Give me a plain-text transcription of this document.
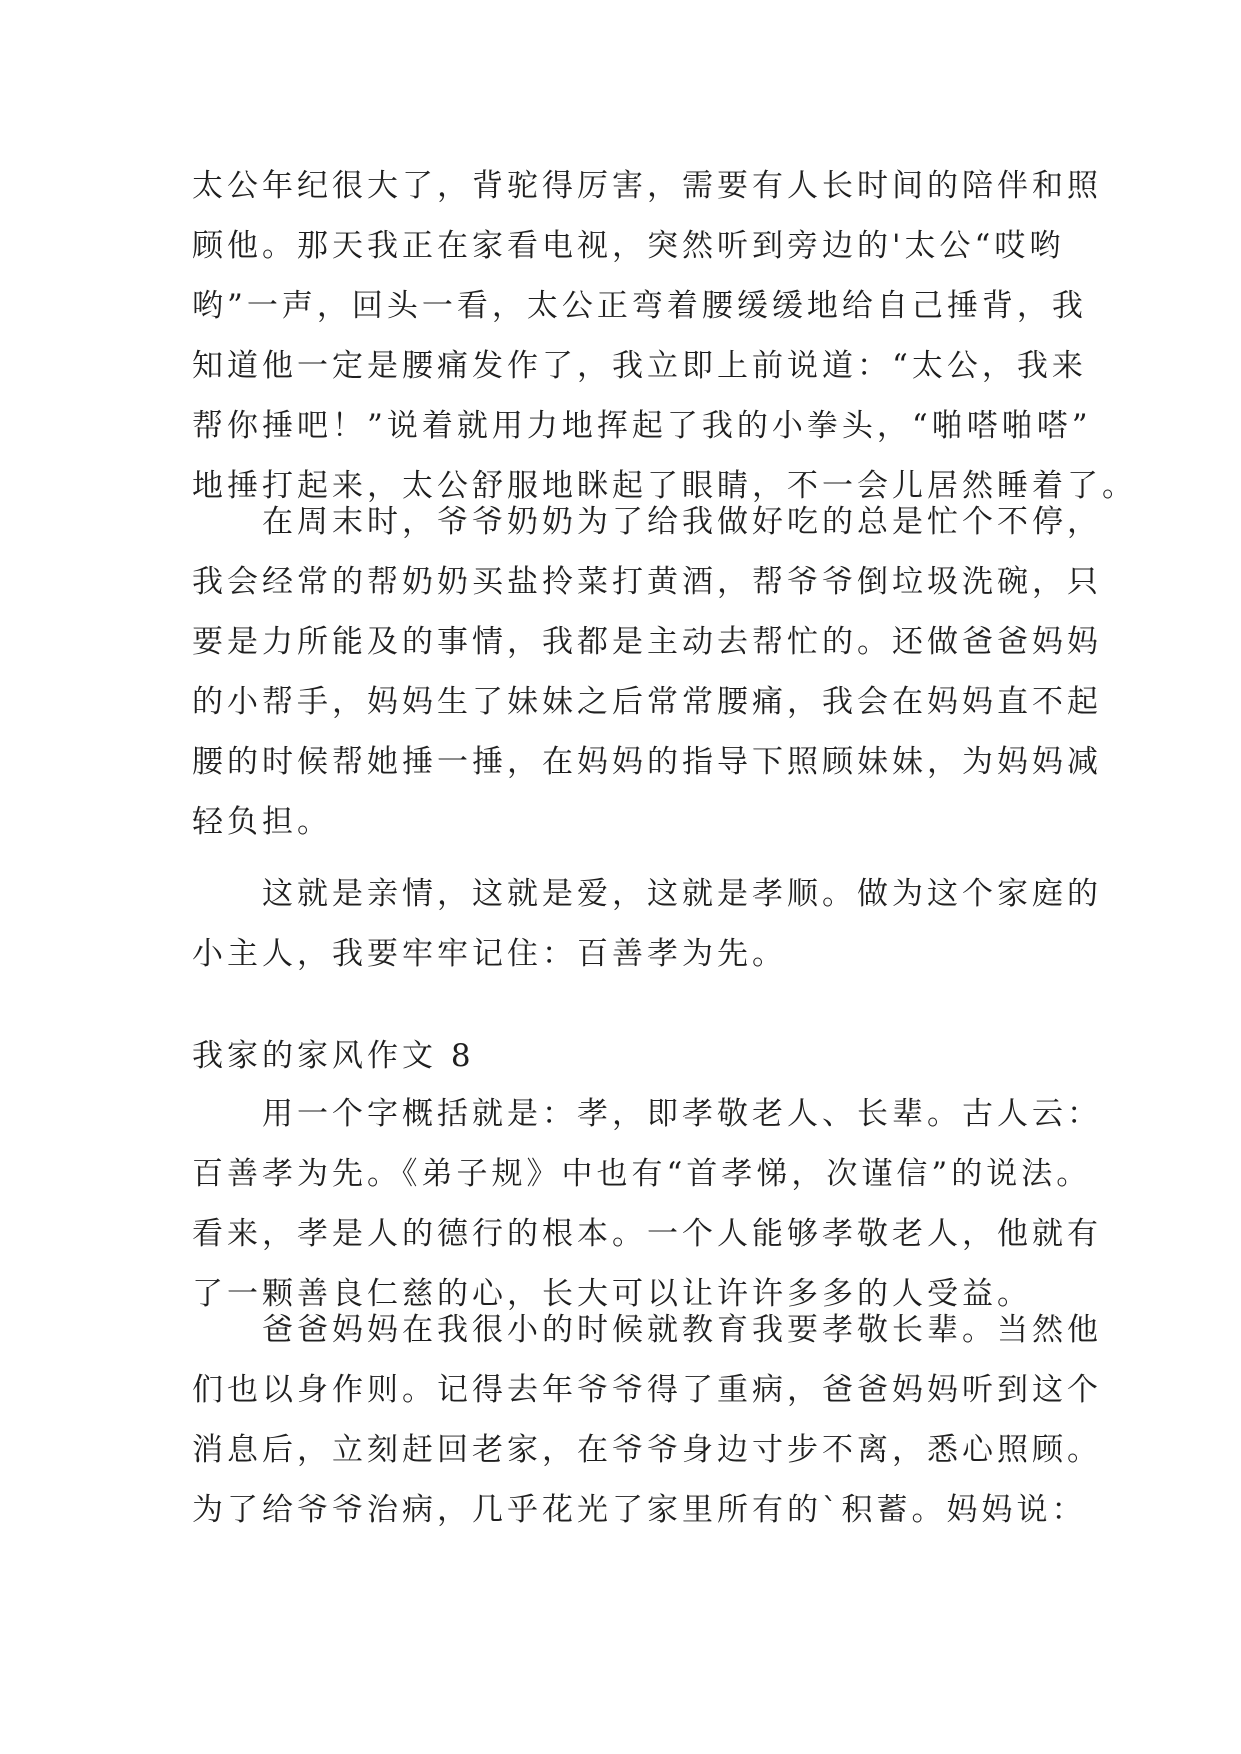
太公年纪很大了，背驼得厉害，需要有人长时间的陪伴和照
顾他。那天我正在家看电视，突然听到旁边的'太公“哎哟
哟”一声，回头一看，太公正弯着腰缓缓地给自己捶背，我
知道他一定是腰痛发作了，我立即上前说道：“太公，我来
帮你捶吧！”说着就用力地挥起了我的小拳头，“啪嗒啪嗒”
地捶打起来，太公舒服地眯起了眼睛，不一会儿居然睡着了。
在周末时，爷爷奶奶为了给我做好吃的总是忙个不停，
我会经常的帮奶奶买盐拎菜打黄酒，帮爷爷倒垃圾洗碗，只
要是力所能及的事情，我都是主动去帮忙的。还做爸爸妈妈
的小帮手，妈妈生了妹妹之后常常腰痛，我会在妈妈直不起
腰的时候帮她捶一捶，在妈妈的指导下照顾妹妹，为妈妈减
轻负担。
这就是亲情，这就是爱，这就是孝顺。做为这个家庭的
小主人，我要牢牢记住：百善孝为先。
我家的家风作文 8
用一个字概括就是：孝，即孝敬老人、长辈。古人云：
百善孝为先。《弟子规》中也有“首孝悌，次谨信”的说法。
看来，孝是人的德行的根本。一个人能够孝敬老人，他就有
了一颗善良仁慈的心，长大可以让许许多多的人受益。
爸爸妈妈在我很小的时候就教育我要孝敬长辈。当然他
们也以身作则。记得去年爷爷得了重病，爸爸妈妈听到这个
消息后，立刻赶回老家，在爷爷身边寸步不离，悉心照顾。
为了给爷爷治病，几乎花光了家里所有的`积蓄。妈妈说：
